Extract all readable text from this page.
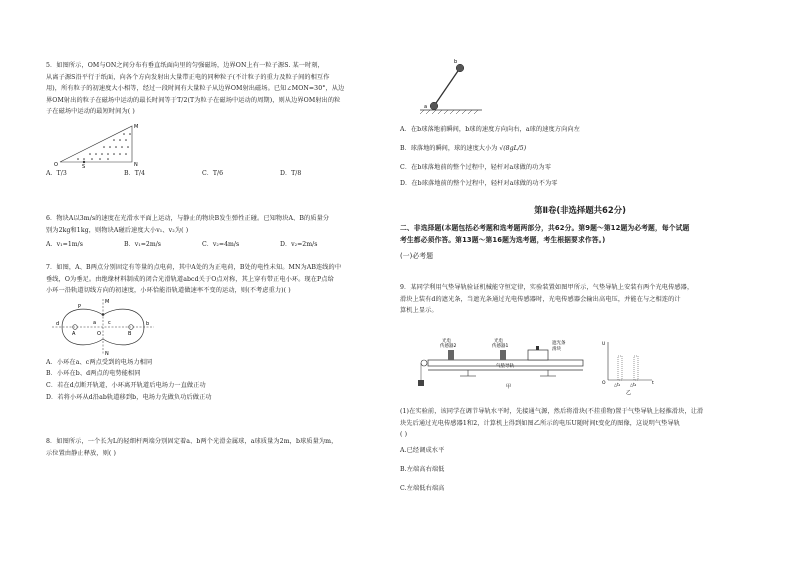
5．如图所示，OM与ON之间分布有垂直纸面向里的匀强磁场，边界ON上有一粒子源S. 某一时刻，

从离子源S沿平行于纸面，向各个方向发射出大量带正电的同种粒子(不计粒子的重力及粒子间的相互作

用)，所有粒子的初速度大小相等，经过一段时间有大量粒子从边界OM射出磁场。已知∠MON=30°，从边

界OM射出的粒子在磁场中运动的最长时间等于T/2(T为粒子在磁场中运动的周期)，则从边界OM射出的粒

子在磁场中运动的最短时间为( )

M
O	S	N
A．T/3	B．T/4	C．T/6	D．T/8

6．物块A以3m/s的速度在光滑水平面上运动，与静止的物块B发生弹性正碰。已知物块A、B的质量分

别为2kg和1kg，则物块A碰后速度大小v₁、v₂为( )

A．v₁=1m/s	B．v₁=2m/s	C．v₂=4m/s	D．v₂=2m/s

7．如图，A、B两点分别固定有等量的点电荷，其中A处的为正电荷，B处的电性未知。MN为AB连线的中

垂线，O为垂足。由绝缘材料制成的闭合光滑轨道abcd关于O点对称，其上穿有带正电小环。现在P点给

小环一沿轨道切线方向的初速度，小环恰能沿轨道做速率不变的运动，则(不考虑重力)( )

M
N
P
A	B
O
a	b
c
d

A．小环在a、c两点受到的电场力相同

B．小环在b、d两点的电势能相同

C．若在d点断开轨道，小环离开轨道后电场力一直做正功

D．若将小环从d沿ab轨道移到b，电场力先做负功后做正功

8．如图所示，一个长为L的轻细杆两端分别固定着a、b两个光滑金属球，a球质量为2m，b球质量为m，

示位置由静止释放，则( )

a
b

A．在b球落地前瞬间，b球的速度方向向右，a球的速度方向向左

B．球落地的瞬间，球的速度大小为 √(8gL/5)

C．在b球落地前的整个过程中，轻杆对a球做的功为零

D．在b球落地前的整个过程中，轻杆对a球做的功不为零

第Ⅱ卷(非选择题共62分)

二、非选择题(本题包括必考题和选考题两部分，共62分。第9题～第12题为必考题，每个试题

考生都必须作答。第13题～第16题为选考题，考生根据要求作答。)

(一)必考题

9．某同学利用气垫导轨验证机械能守恒定律，实验装置如图甲所示，气垫导轨上安装有两个光电传感器，

滑块上装有d的遮光条，当遮光条通过光电传感器时，光电传感器会输出高电压，并能在与之相连的计

算机上显示。

光电
传感器2
光电
传感器1
遮光条
滑块
气垫导轨
甲
U
O △t₁ △t₂	t
乙

(1)在实验前，该同学在调节导轨水平时，先接通气源，然后将滑块(不挂重物)置于气垫导轨上轻推滑块，让滑

块先后通过光电传感器1和2，计算机上得到如图乙所示的电压U随时间t变化的图像，这说明气垫导轨

( )

A.已经调成水平

B.左端高右端低

C.左端低右端高
